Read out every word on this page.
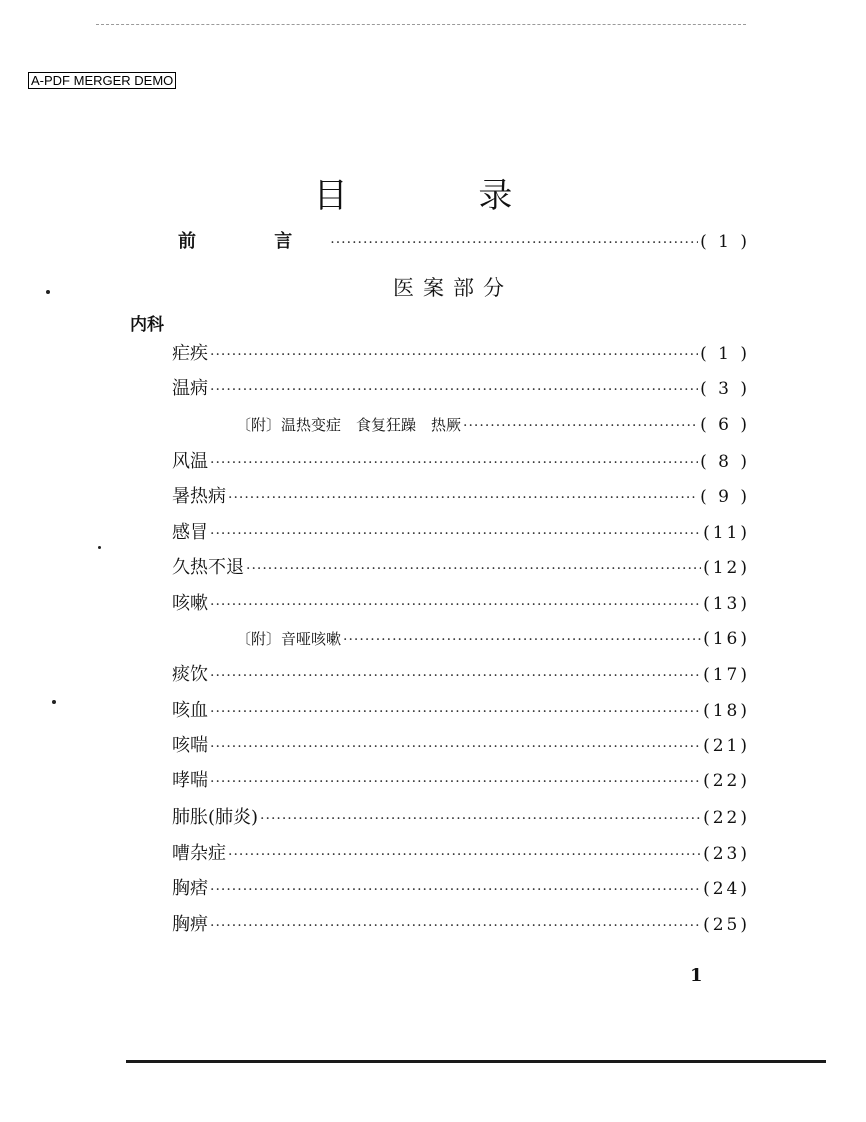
A-PDF MERGER DEMO
目 录
前 言 ·····	( 1 )
医案部分
内科
疟疾 ·····	( 1 )
温病 ·····	( 3 )
〔附〕温热变症　食复狂躁　热厥 ·····	( 6 )
风温 ·····	( 8 )
暑热病 ·····	( 9 )
感冒 ·····	(11)
久热不退 ·····	(12)
咳嗽 ·····	(13)
〔附〕音哑咳嗽 ·····	(16)
痰饮 ·····	(17)
咳血 ·····	(18)
咳喘 ·····	(21)
哮喘 ·····	(22)
肺胀(肺炎) ·····	(22)
嘈杂症 ·····	(23)
胸痞 ·····	(24)
胸痹 ·····	(25)
1
